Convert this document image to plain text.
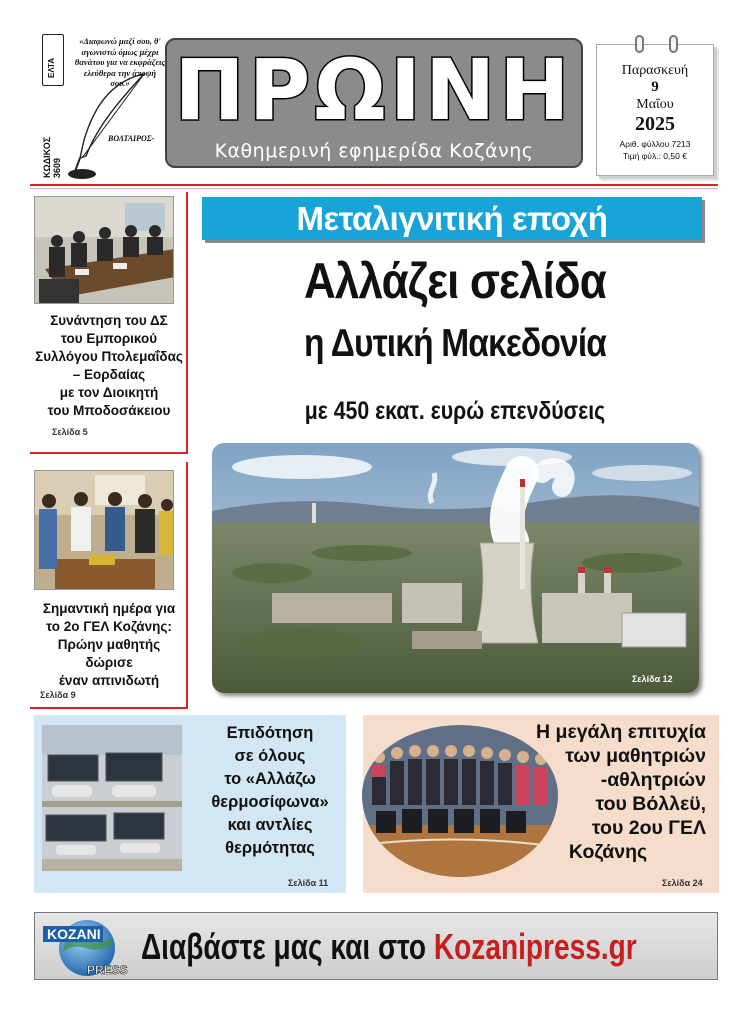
ΕΛΤΑ
ΚΩΔΙΚΟΣ
3609
«Διαφωνώ μαζί σου, θ' αγωνιστώ όμως μέχρι θανάτου για να εκφράζεις ελεύθερα την άποψή σου.»
ΒΟΛΤΑΙΡΟΣ- ΠΡΩΙΝΗ
Καθημερινή εφημερίδα Κοζάνης
Παρασκευή
9
Μαΐου
2025
Αριθ. φύλλου 7213
Τιμή φύλ.: 0,50 €
Συνάντηση του ΔΣ
του Εμπορικού
Συλλόγου Πτολεμαΐδας
– Εορδαίας
με τον Διοικητή
του Μποδοσάκειου
Σελίδα 5
Σημαντική ημέρα για
το 2ο ΓΕΛ Κοζάνης:
Πρώην μαθητής
δώρισε
έναν απινιδωτή
Σελίδα 9
Μεταλιγνιτική εποχή
Αλλάζει σελίδα
η Δυτική Μακεδονία
με 450 εκατ. ευρώ επενδύσεις
Σελίδα 12
Επιδότηση
σε όλους
το «Αλλάζω
θερμοσίφωνα»
και αντλίες
θερμότητας
Σελίδα 11
Η μεγάλη επιτυχία
των μαθητριών
-αθλητριών
του Βόλλεϋ,
του 2ου ΓΕΛ
Κοζάνης
Σελίδα 24
KOZANI
PRESS
Διαβάστε μας και στο Kozanipress.gr
